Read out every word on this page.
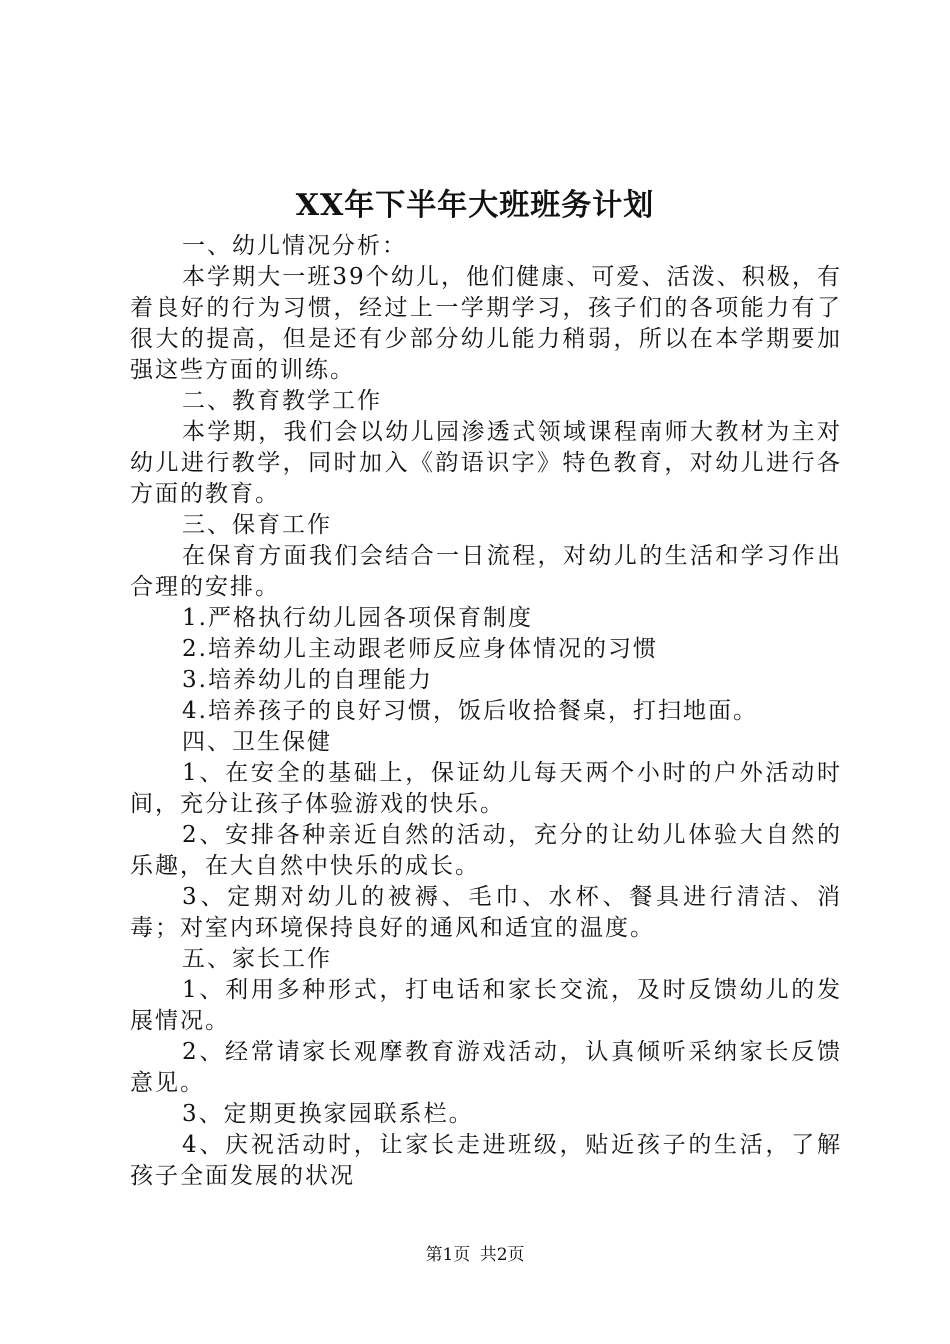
XX年下半年大班班务计划

一、幼儿情况分析：

本学期大一班39个幼儿，他们健康、可爱、活泼、积极，有着良好的行为习惯，经过上一学期学习，孩子们的各项能力有了很大的提高，但是还有少部分幼儿能力稍弱，所以在本学期要加强这些方面的训练。

二、教育教学工作

本学期，我们会以幼儿园渗透式领域课程南师大教材为主对幼儿进行教学，同时加入《韵语识字》特色教育，对幼儿进行各方面的教育。

三、保育工作

在保育方面我们会结合一日流程，对幼儿的生活和学习作出合理的安排。

1.严格执行幼儿园各项保育制度

2.培养幼儿主动跟老师反应身体情况的习惯

3.培养幼儿的自理能力

4.培养孩子的良好习惯，饭后收拾餐桌，打扫地面。

四、卫生保健

1、在安全的基础上，保证幼儿每天两个小时的户外活动时间，充分让孩子体验游戏的快乐。

2、安排各种亲近自然的活动，充分的让幼儿体验大自然的乐趣，在大自然中快乐的成长。

3、定期对幼儿的被褥、毛巾、水杯、餐具进行清洁、消毒；对室内环境保持良好的通风和适宜的温度。

五、家长工作

1、利用多种形式，打电话和家长交流，及时反馈幼儿的发展情况。

2、经常请家长观摩教育游戏活动，认真倾听采纳家长反馈意见。

3、定期更换家园联系栏。

4、庆祝活动时，让家长走进班级，贴近孩子的生活，了解孩子全面发展的状况

第1页 共2页
